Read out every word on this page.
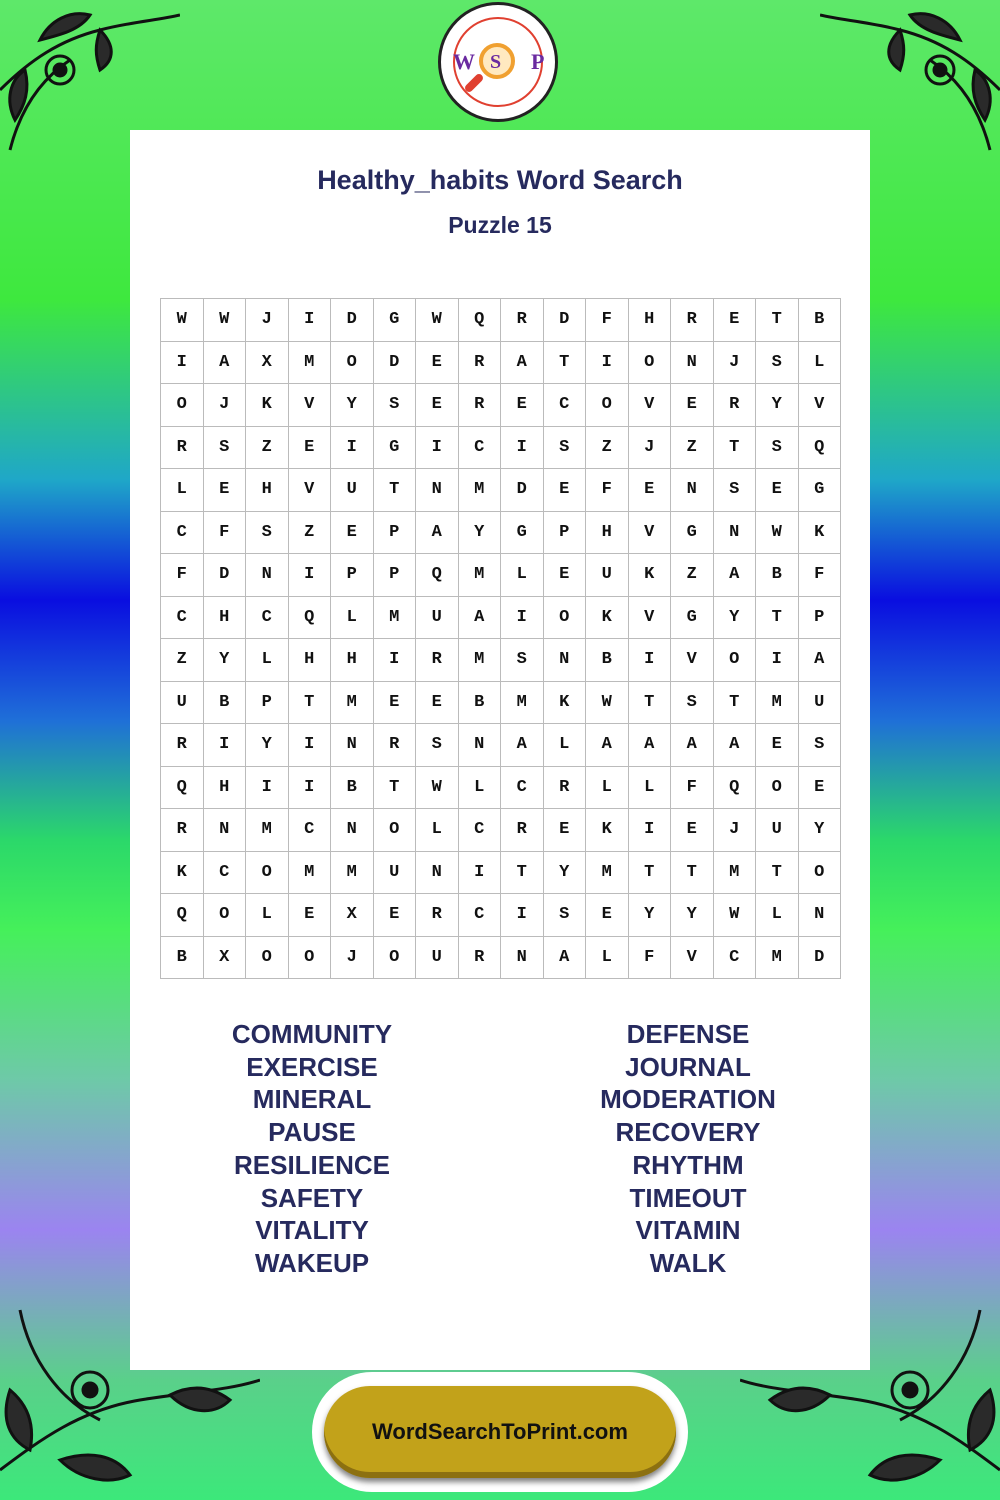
W S P
Healthy_habits Word Search
Puzzle 15
W	W	J	I	D	G	W	Q	R	D	F	H	R	E	T	B
I	A	X	M	O	D	E	R	A	T	I	O	N	J	S	L
O	J	K	V	Y	S	E	R	E	C	O	V	E	R	Y	V
R	S	Z	E	I	G	I	C	I	S	Z	J	Z	T	S	Q
L	E	H	V	U	T	N	M	D	E	F	E	N	S	E	G
C	F	S	Z	E	P	A	Y	G	P	H	V	G	N	W	K
F	D	N	I	P	P	Q	M	L	E	U	K	Z	A	B	F
C	H	C	Q	L	M	U	A	I	O	K	V	G	Y	T	P
Z	Y	L	H	H	I	R	M	S	N	B	I	V	O	I	A
U	B	P	T	M	E	E	B	M	K	W	T	S	T	M	U
R	I	Y	I	N	R	S	N	A	L	A	A	A	A	E	S
Q	H	I	I	B	T	W	L	C	R	L	L	F	Q	O	E
R	N	M	C	N	O	L	C	R	E	K	I	E	J	U	Y
K	C	O	M	M	U	N	I	T	Y	M	T	T	M	T	O
Q	O	L	E	X	E	R	C	I	S	E	Y	Y	W	L	N
B	X	O	O	J	O	U	R	N	A	L	F	V	C	M	D
COMMUNITY
EXERCISE
MINERAL
PAUSE
RESILIENCE
SAFETY
VITALITY
WAKEUP
DEFENSE
JOURNAL
MODERATION
RECOVERY
RHYTHM
TIMEOUT
VITAMIN
WALK
WordSearchToPrint.com
